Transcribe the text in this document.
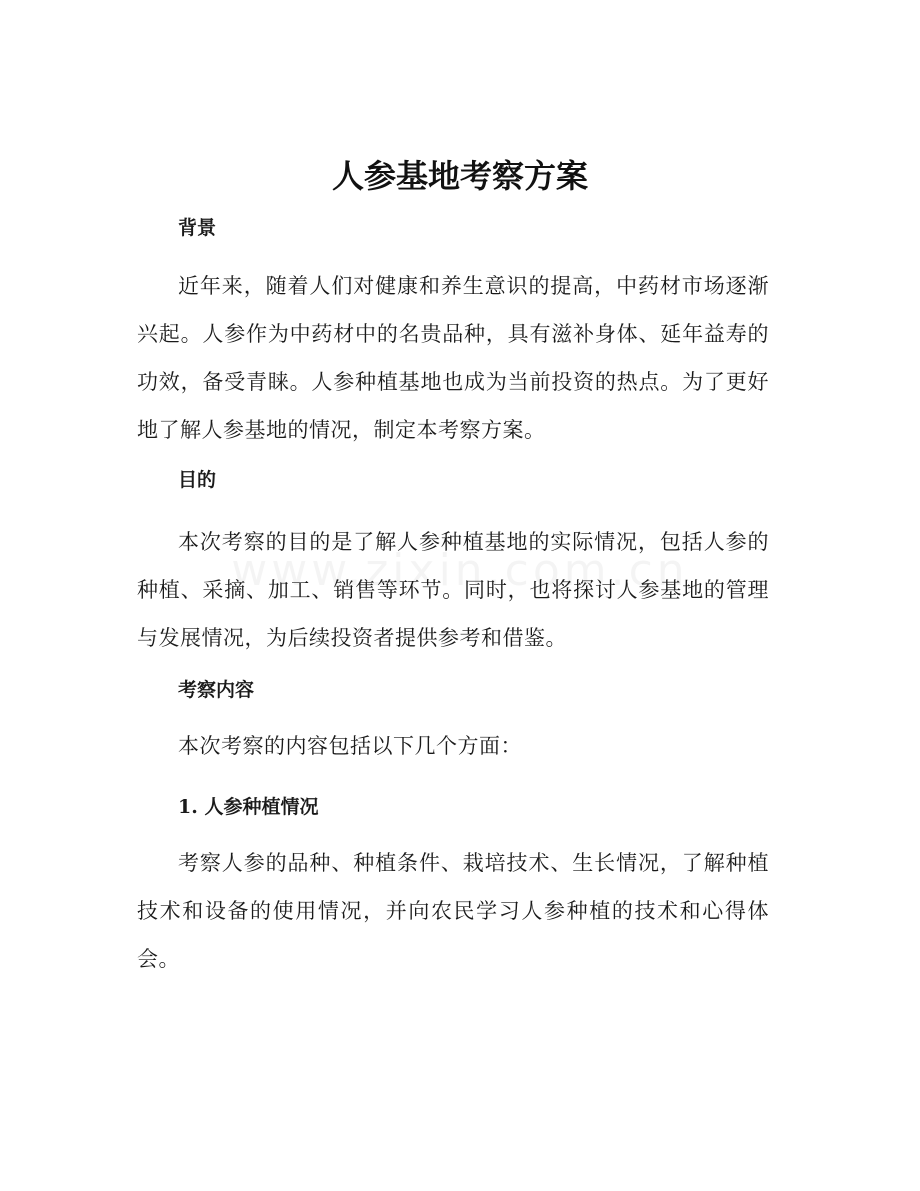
人参基地考察方案
背景

近年来，随着人们对健康和养生意识的提高，中药材市场逐渐兴起。人参作为中药材中的名贵品种，具有滋补身体、延年益寿的功效，备受青睐。人参种植基地也成为当前投资的热点。为了更好地了解人参基地的情况，制定本考察方案。

目的

本次考察的目的是了解人参种植基地的实际情况，包括人参的种植、采摘、加工、销售等环节。同时，也将探讨人参基地的管理与发展情况，为后续投资者提供参考和借鉴。

考察内容

本次考察的内容包括以下几个方面：

1. 人参种植情况

考察人参的品种、种植条件、栽培技术、生长情况，了解种植技术和设备的使用情况，并向农民学习人参种植的技术和心得体会。
